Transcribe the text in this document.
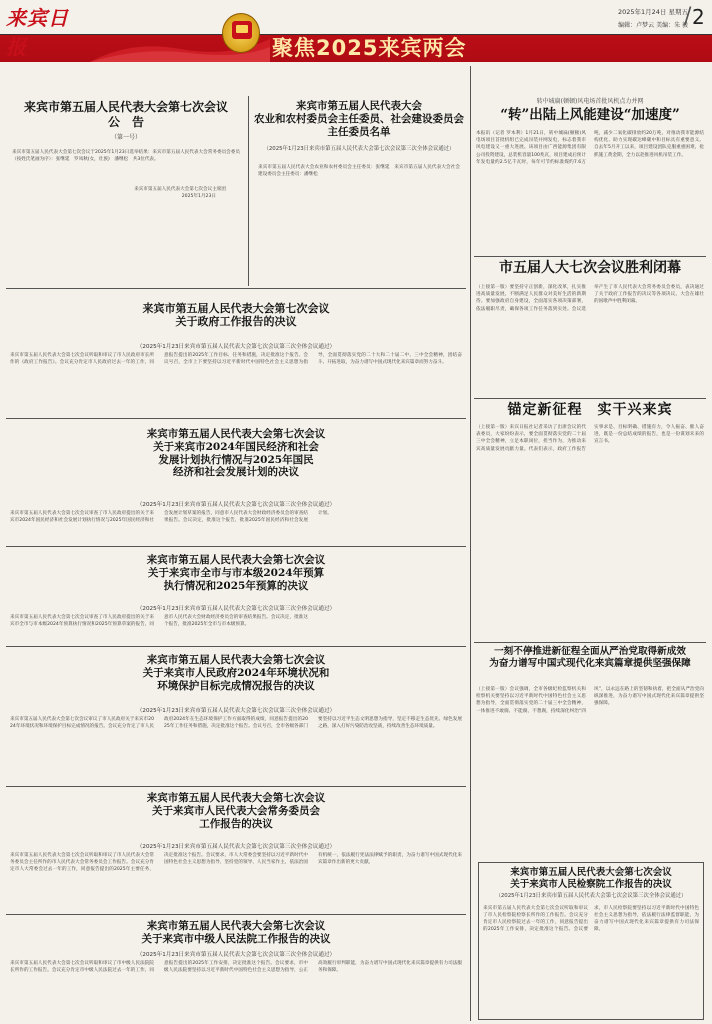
来宾日报
2025年1月24日 星期五
编辑：卢梦云 美编：朱 毅
/ 2
聚焦2025来宾两会
来宾市第五届人民代表大会第七次会议
公　告
（第一号）
来宾市第五届人民代表大会第七次会议于2025年1月23日选举结果：来宾市第五届人民代表大会常务委员会委员（按姓氏笔画为序）：张继延　罗凤秋(女，壮族)　潘继松　共3位代表。
来宾市第五届人民代表大会第七次会议主席团
2025年1月23日
来宾市第五届人民代表大会
农业和农村委员会主任委员、社会建设委员会
主任委员名单
（2025年1月23日来宾市第五届人民代表大会第七次会议第三次全体会议通过）
来宾市第五届人民代表大会农业和农村委员会主任委员：张继延　来宾市第五届人民代表大会社会建设委员会主任委员：潘继松
来宾市第五届人民代表大会第七次会议
关于政府工作报告的决议
（2025年1月23日来宾市第五届人民代表大会第七次会议第三次全体会议通过）
来宾市第五届人民代表大会第七次会议听取和审议了市人民政府市长所作的《政府工作报告》。会议充分肯定市人民政府过去一年的工作，同意报告提出的2025年工作目标、任务和措施，决定批准这个报告。会议号召，全市上下要坚持以习近平新时代中国特色社会主义思想为指导，全面贯彻落实党的二十大和二十届二中、三中全会精神，团结奋斗、开拓进取，为奋力谱写中国式现代化来宾篇章而努力奋斗。
来宾市第五届人民代表大会第七次会议
关于来宾市2024年国民经济和社会
发展计划执行情况与2025年国民
经济和社会发展计划的决议
（2025年1月23日来宾市第五届人民代表大会第七次会议第三次全体会议通过）
来宾市第五届人民代表大会第七次会议审查了市人民政府提出的关于来宾市2024年国民经济和社会发展计划执行情况与2025年国民经济和社会发展计划草案的报告，同意市人民代表大会财政经济委员会的审查结果报告。会议决定，批准这个报告，批准2025年国民经济和社会发展计划。
来宾市第五届人民代表大会第七次会议
关于来宾市全市与市本级2024年预算
执行情况和2025年预算的决议
（2025年1月23日来宾市第五届人民代表大会第七次会议第三次全体会议通过）
来宾市第五届人民代表大会第七次会议审查了市人民政府提出的关于来宾市全市与市本级2024年预算执行情况和2025年预算草案的报告，同意市人民代表大会财政经济委员会的审查结果报告。会议决定，批准这个报告，批准2025年全市与市本级预算。
来宾市第五届人民代表大会第七次会议
关于来宾市人民政府2024年环境状况和
环境保护目标完成情况报告的决议
（2025年1月23日来宾市第五届人民代表大会第七次会议第三次全体会议通过）
来宾市第五届人民代表大会第七次会议审议了市人民政府关于来宾市2024年环境状况和环境保护目标完成情况的报告。会议充分肯定了市人民政府2024年在生态环境保护工作方面取得的成绩，同意报告提出的2025年工作任务和措施，决定批准这个报告。会议号召，全市各级各部门要坚持以习近平生态文明思想为指导，坚定不移走生态优先、绿色发展之路，深入打好污染防治攻坚战，持续改善生态环境质量。
来宾市第五届人民代表大会第七次会议
关于来宾市人民代表大会常务委员会
工作报告的决议
（2025年1月23日来宾市第五届人民代表大会第七次会议第三次全体会议通过）
来宾市第五届人民代表大会第七次会议听取和审议了市人民代表大会常务委员会主任所作的市人民代表大会常务委员会工作报告。会议充分肯定市人大常委会过去一年的工作，同意报告提出的2025年主要任务，决定批准这个报告。会议要求，市人大常委会要坚持以习近平新时代中国特色社会主义思想为指导，坚持党的领导、人民当家作主、依法治国有机统一，依法履行宪法法律赋予的职责，为奋力谱写中国式现代化来宾篇章作出新的更大贡献。
来宾市第五届人民代表大会第七次会议
关于来宾市中级人民法院工作报告的决议
（2025年1月23日来宾市第五届人民代表大会第七次会议第三次全体会议通过）
来宾市第五届人民代表大会第七次会议听取和审议了市中级人民法院院长所作的工作报告。会议充分肯定市中级人民法院过去一年的工作，同意报告提出的2025年工作安排，决定批准这个报告。会议要求，市中级人民法院要坚持以习近平新时代中国特色社会主义思想为指导，公正高效履行审判职能，为奋力谱写中国式现代化来宾篇章提供有力司法服务和保障。
转中城扁(顿顿)风电场首批风机点力并网
“转”出陆上风能建设“加速度”
本报讯（记者 罗本利）1月21日，转中城扁(顿顿)风电场项目首批机组已完成吊装并网发电，标志着我市风电建设又一重大进展。该项目由广西能源集团有限公司投资建设，总装机容量100兆瓦，项目建成后预计年发电量约2.5亿千瓦时，每年可节约标准煤约7.6万吨，减少二氧化碳排放约20万吨，对推动我市能源结构优化、助力实现碳达峰碳中和目标具有重要意义。自去年5月开工以来，项目建设团队克服重重困难，抢抓施工黄金期，全力以赴推进风机吊装工作。
市五届人大七次会议胜利闭幕
（上接第一版）要坚持守正创新，深化改革，扎实推进高质量发展，不断满足人民群众对美好生活的新期待。要加强政府自身建设，全面落实各项决策部署，依法履职尽责，确保各项工作任务落到实处。会议选举产生了市人民代表大会常务委员会委员，表决通过了关于政府工作报告的决议等各项决议。大会在雄壮的国歌声中胜利闭幕。
锚定新征程　实干兴来宾
（上接第一版）来宾日报社记者采访了出席会议的代表委员，大家纷纷表示，要全面贯彻落实党的二十届三中全会精神，立足本职岗位，担当作为，为推动来宾高质量发展贡献力量。代表们表示，政府工作报告实事求是、目标明确、措施有力，令人振奋、催人奋进，既是一份总结成绩的报告，也是一份谋划未来的宣言书。
一刻不停推进新征程全面从严治党取得新成效
为奋力谱写中国式现代化来宾篇章提供坚强保障
（上接第一版）会议强调，全市各级纪检监察机关和检察机关要坚持以习近平新时代中国特色社会主义思想为指导，全面贯彻落实党的二十届三中全会精神，一体推进不敢腐、不能腐、不想腐，持续深化纠治“四风”，以永远在路上的坚韧和执着，把全面从严治党向纵深推进，为奋力谱写中国式现代化来宾篇章提供坚强保障。
来宾市第五届人民代表大会第七次会议
关于来宾市人民检察院工作报告的决议
（2025年1月23日来宾市第五届人民代表大会第七次会议第三次全体会议通过）
来宾市第五届人民代表大会第七次会议听取和审议了市人民检察院检察长所作的工作报告。会议充分肯定市人民检察院过去一年的工作，同意报告提出的2025年工作安排，决定批准这个报告。会议要求，市人民检察院要坚持以习近平新时代中国特色社会主义思想为指导，依法履行法律监督职能，为奋力谱写中国式现代化来宾篇章提供有力司法保障。
